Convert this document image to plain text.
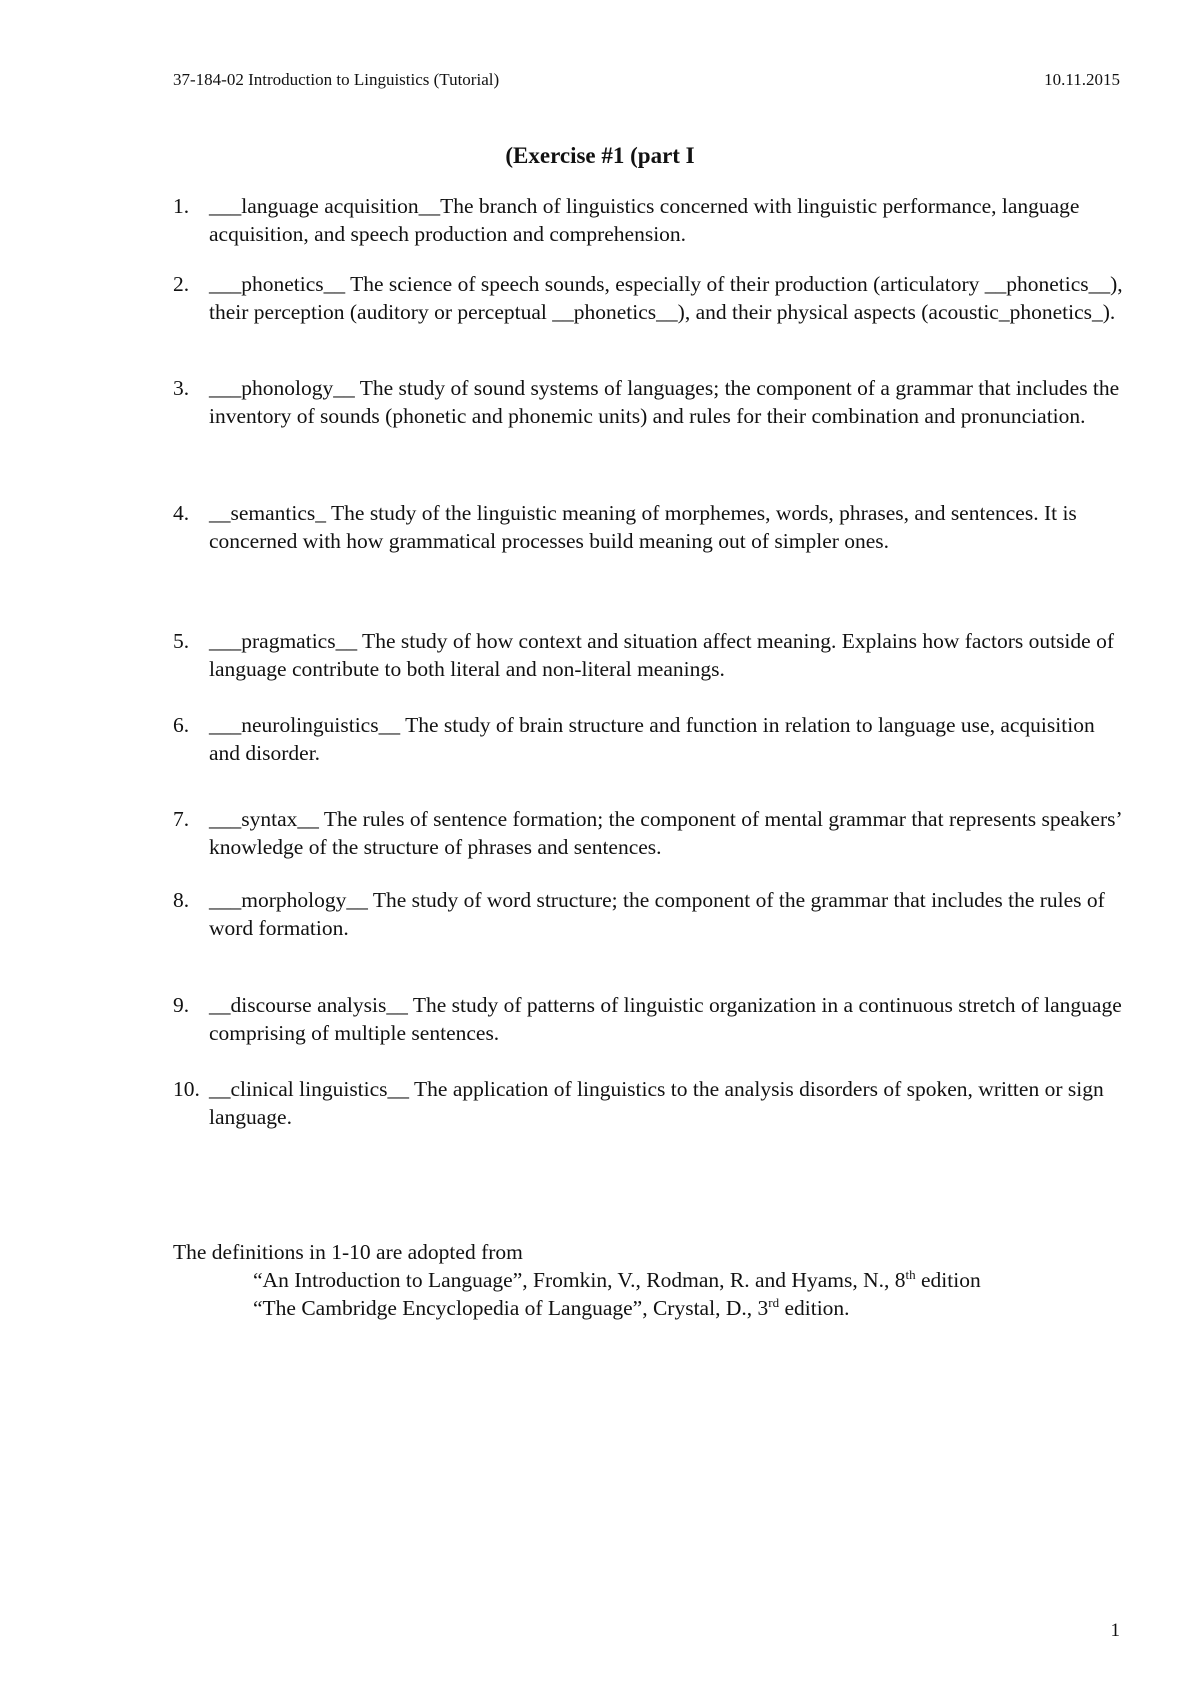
37-184-02 Introduction to Linguistics (Tutorial)	10.11.2015
(Exercise #1 (part I
1. ___language acquisition__The branch of linguistics concerned with linguistic performance, language acquisition, and speech production and comprehension.
2. ___phonetics__ The science of speech sounds, especially of their production (articulatory __phonetics__), their perception (auditory or perceptual __phonetics__), and their physical aspects (acoustic_phonetics_).
3. ___phonology__ The study of sound systems of languages; the component of a grammar that includes the inventory of sounds (phonetic and phonemic units) and rules for their combination and pronunciation.
4. __semantics_ The study of the linguistic meaning of morphemes, words, phrases, and sentences. It is concerned with how grammatical processes build meaning out of simpler ones.
5. ___pragmatics__ The study of how context and situation affect meaning. Explains how factors outside of language contribute to both literal and non-literal meanings.
6. ___neurolinguistics__ The study of brain structure and function in relation to language use, acquisition and disorder.
7. ___syntax__ The rules of sentence formation; the component of mental grammar that represents speakers’ knowledge of the structure of phrases and sentences.
8. ___morphology__ The study of word structure; the component of the grammar that includes the rules of word formation.
9. __discourse analysis__ The study of patterns of linguistic organization in a continuous stretch of language comprising of multiple sentences.
10. __clinical linguistics__ The application of linguistics to the analysis disorders of spoken, written or sign language.
The definitions in 1-10 are adopted from
“An Introduction to Language”, Fromkin, V., Rodman, R. and Hyams, N., 8th edition
“The Cambridge Encyclopedia of Language”, Crystal, D., 3rd edition.
1
